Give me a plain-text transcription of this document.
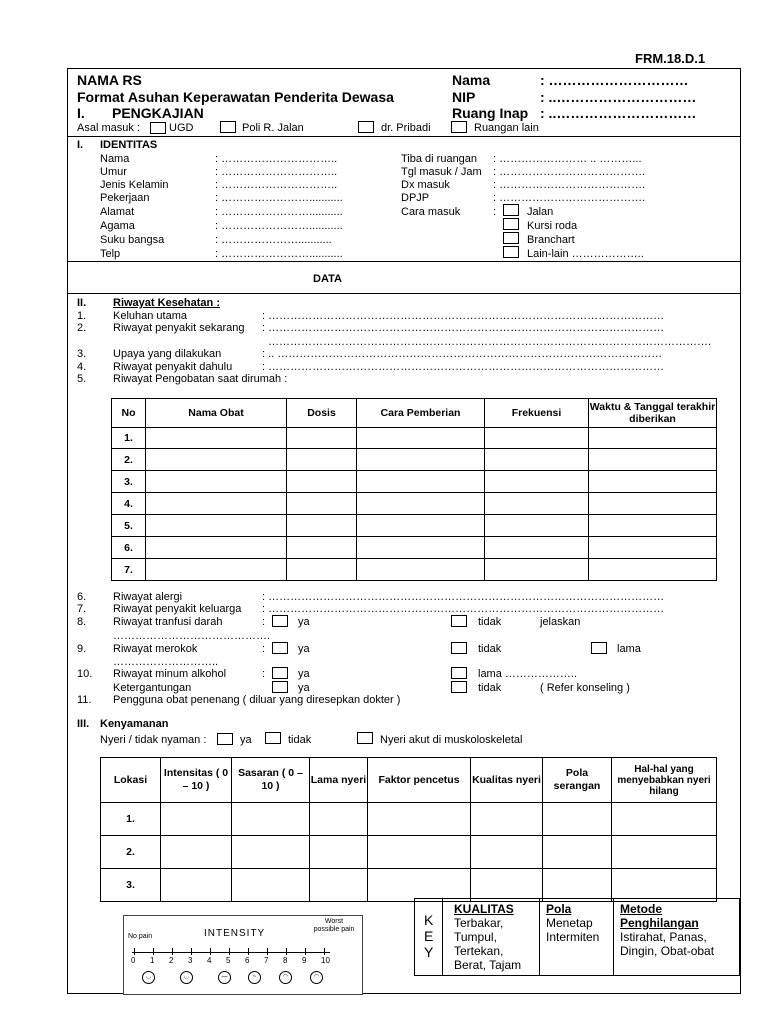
FRM.18.D.1
NAMA RS
Format Asuhan Keperawatan Penderita Dewasa
I. PENGKAJIAN
Nama	: …………………………
NIP	: ..…………………………
Ruang Inap : ..…………………………
Asal masuk :	UGD	Poli R. Jalan	dr. Pribadi	Ruangan lain
I. IDENTITAS
Nama	: …………………………..
Umur	: …………………………..
Jenis Kelamin	: …………………………..
Pekerjaan	: ……………………...........
Alamat	: ……………………...........
Agama	: ……………………...........
Suku bangsa	: …………………...........
Telp	: ……………………...........
Tiba di ruangan : …………………… .. ………...
Tgl masuk / Jam : ………………………………….
Dx masuk	: ………………………………….
DPJP	: ………………………………….
Cara masuk	:	Jalan
Kursi roda
Branchart
Lain-lain ………………..
DATA
II. Riwayat Kesehatan :
1. Keluhan utama	: ………………………………………………………………………………………………
2. Riwayat penyakit sekarang : ………………………………………………………………………………………………
………………………………………………………………………………………………………….
3. Upaya yang dilakukan	: .. ……………………………………………………………………………………………
4. Riwayat penyakit dahulu	: ………………………………………………………………………………………………
5. Riwayat Pengobatan saat dirumah :
No	Nama Obat	Dosis	Cara Pemberian	Frekuensi	Waktu & Tanggal terakhir diberikan
1.					
2.					
3.					
4.					
5.					
6.					
7.					
6. Riwayat alergi	: ………………………………………………………………………………………………
7. Riwayat penyakit keluarga : ………………………………………………………………………………………………
8. Riwayat tranfusi darah	:	ya	tidak	jelaskan
…………………………………….
9. Riwayat merokok	:	ya	tidak	lama
………………………..
10. Riwayat minum alkohol	:	ya	lama ………………..
Ketergantungan	ya	tidak	( Refer konseling )
11. Pengguna obat penenang ( diluar yang diresepkan dokter )
III. Kenyamanan
Nyeri / tidak nyaman :	ya	tidak	Nyeri akut di muskoloskeletal
Lokasi	Intensitas ( 0 – 10 )	Sasaran ( 0 – 10 )	Lama nyeri	Faktor pencetus	Kualitas nyeri	Pola serangan	Hal-hal yang menyebabkan nyeri hilang
1.							
2.							
3.							
No pain	INTENSITY
Worst possible pain
0 1 2 3 4 5 6 7 8 9 10
◡	◡	—	~	◠	◠
K
E
Y
KUALITAS
Terbakar, Tumpul, Tertekan, Berat, Tajam
Pola
Menetap Intermiten
Metode Penghilangan
Istirahat, Panas, Dingin, Obat-obat
